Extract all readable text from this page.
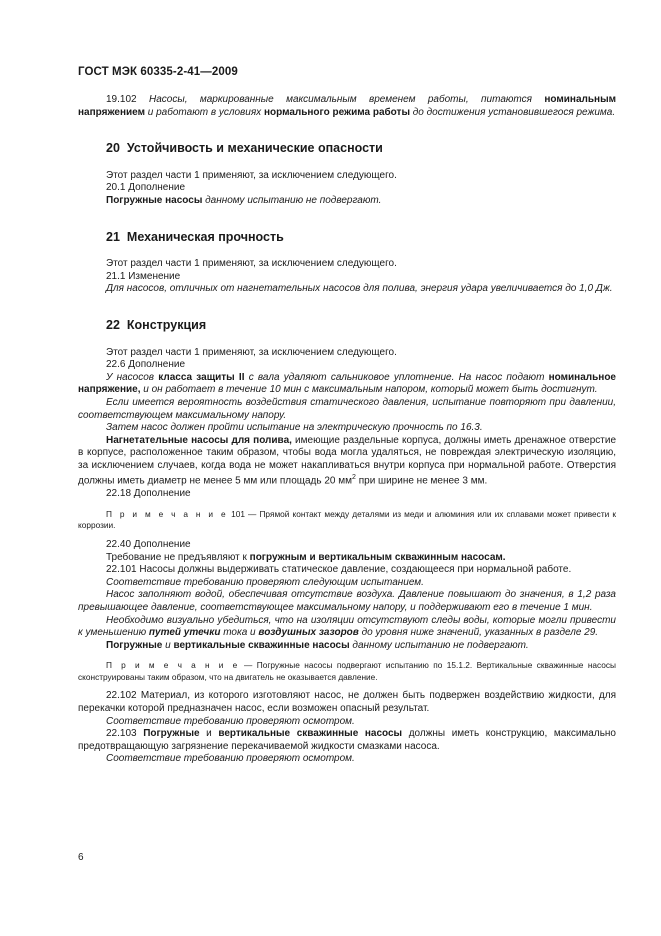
ГОСТ МЭК 60335-2-41—2009
19.102 Насосы, маркированные максимальным временем работы, питаются номинальным напряжением и работают в условиях нормального режима работы до достижения установившегося режима.
20 Устойчивость и механические опасности
Этот раздел части 1 применяют, за исключением следующего.
20.1 Дополнение
Погружные насосы данному испытанию не подвергают.
21 Механическая прочность
Этот раздел части 1 применяют, за исключением следующего.
21.1 Изменение
Для насосов, отличных от нагнетательных насосов для полива, энергия удара увеличивается до 1,0 Дж.
22 Конструкция
Этот раздел части 1 применяют, за исключением следующего.
22.6 Дополнение
У насосов класса защиты II с вала удаляют сальниковое уплотнение. На насос подают номинальное напряжение, и он работает в течение 10 мин с максимальным напором, который может быть достигнут.
Если имеется вероятность воздействия статического давления, испытание повторяют при давлении, соответствующем максимальному напору.
Затем насос должен пройти испытание на электрическую прочность по 16.3.
Нагнетательные насосы для полива, имеющие раздельные корпуса, должны иметь дренажное отверстие в корпусе, расположенное таким образом, чтобы вода могла удаляться, не повреждая электрическую изоляцию, за исключением случаев, когда вода не может накапливаться внутри корпуса при нормальной работе. Отверстия должны иметь диаметр не менее 5 мм или площадь 20 $мм^2$ при ширине не менее 3 мм.
22.18 Дополнение
П р и м е ч а н и е 101 — Прямой контакт между деталями из меди и алюминия или их сплавами может привести к коррозии.
22.40 Дополнение
Требование не предъявляют к погружным и вертикальным скважинным насосам.
22.101 Насосы должны выдерживать статическое давление, создающееся при нормальной работе.
Соответствие требованию проверяют следующим испытанием.
Насос заполняют водой, обеспечивая отсутствие воздуха. Давление повышают до значения, в 1,2 раза превышающее давление, соответствующее максимальному напору, и поддерживают его в течение 1 мин.
Необходимо визуально убедиться, что на изоляции отсутствуют следы воды, которые могли привести к уменьшению путей утечки тока и воздушных зазоров до уровня ниже значений, указанных в разделе 29.
Погружные и вертикальные скважинные насосы данному испытанию не подвергают.
П р и м е ч а н и е — Погружные насосы подвергают испытанию по 15.1.2. Вертикальные скважинные насосы сконструированы таким образом, что на двигатель не оказывается давление.
22.102 Материал, из которого изготовляют насос, не должен быть подвержен воздействию жидкости, для перекачки которой предназначен насос, если возможен опасный результат.
Соответствие требованию проверяют осмотром.
22.103 Погружные и вертикальные скважинные насосы должны иметь конструкцию, максимально предотвращающую загрязнение перекачиваемой жидкости смазками насоса.
Соответствие требованию проверяют осмотром.
6
